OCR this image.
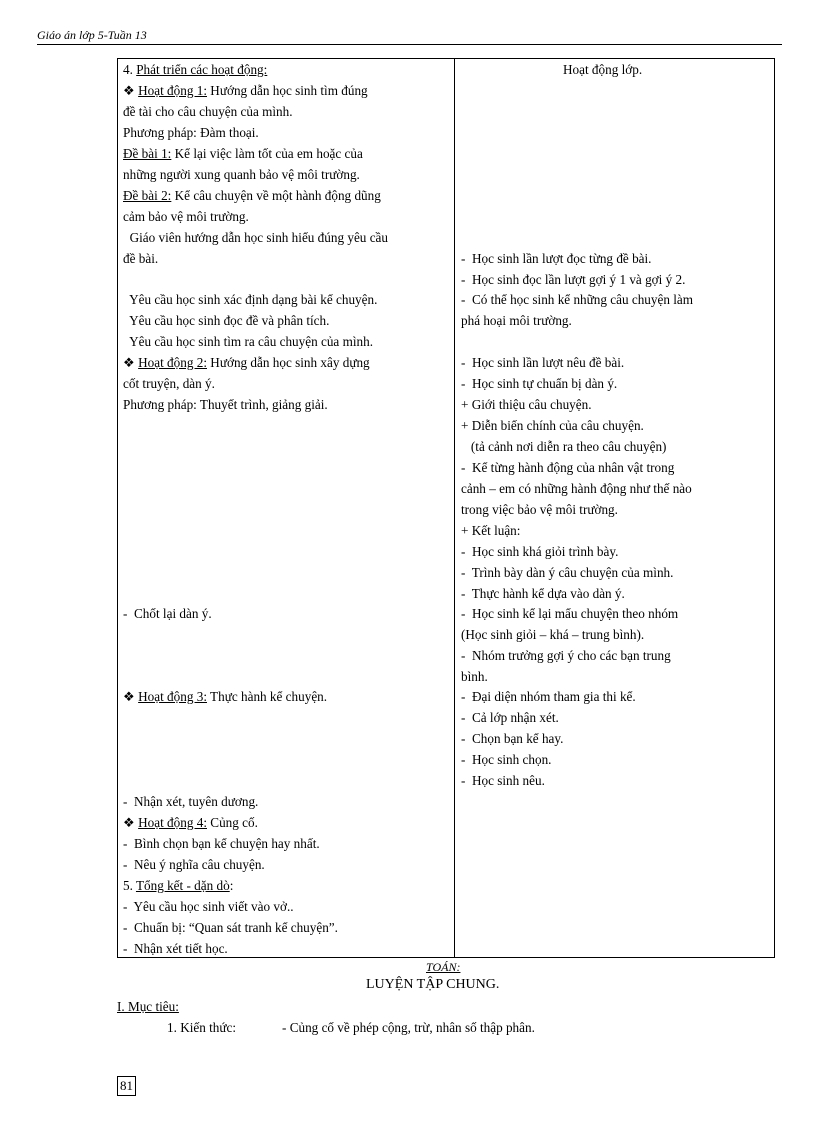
Giáo án lớp 5-Tuần 13
4. Phát triển các hoạt động:
❖ Hoạt động 1: Hướng dẫn học sinh tìm đúng
đề tài cho câu chuyện của mình.
Phương pháp: Đàm thoại.
Đề bài 1: Kể lại việc làm tốt của em hoặc của
những người xung quanh bảo vệ môi trường.
Đề bài 2: Kể câu chuyện về một hành động dũng
cảm bảo vệ môi trường.
Giáo viên hướng dẫn học sinh hiểu đúng yêu cầu
đề bài.
Yêu cầu học sinh xác định dạng bài kể chuyện.
Yêu cầu học sinh đọc đề và phân tích.
Yêu cầu học sinh tìm ra câu chuyện của mình.
❖ Hoạt động 2: Hướng dẫn học sinh xây dựng
cốt truyện, dàn ý.
Phương pháp: Thuyết trình, giảng giải.
-  Chốt lại dàn ý.
❖ Hoạt động 3: Thực hành kể chuyện.
-  Nhận xét, tuyên dương.
❖ Hoạt động 4: Củng cố.
-  Bình chọn bạn kể chuyện hay nhất.
-  Nêu ý nghĩa câu chuyện.
5. Tổng kết - dặn dò:
-  Yêu cầu học sinh viết vào vở..
-  Chuẩn bị: “Quan sát tranh kể chuyện”.
-  Nhận xét tiết học.
Hoạt động lớp.
-  Học sinh lần lượt đọc từng đề bài.
-  Học sinh đọc lần lượt gợi ý 1 và gợi ý 2.
-  Có thể học sinh kể những câu chuyện làm
phá hoại môi trường.
-  Học sinh lần lượt nêu đề bài.
-  Học sinh tự chuẩn bị dàn ý.
+ Giới thiệu câu chuyện.
+ Diễn biến chính của câu chuyện.
(tả cảnh nơi diễn ra theo câu chuyện)
-  Kể từng hành động của nhân vật trong
cảnh – em có những hành động như thế nào
trong việc bảo vệ môi trường.
+ Kết luận:
-  Học sinh khá giỏi trình bày.
-  Trình bày dàn ý câu chuyện của mình.
-  Thực hành kể dựa vào dàn ý.
-  Học sinh kể lại mẩu chuyện theo nhóm
(Học sinh giỏi – khá – trung bình).
-  Nhóm trưởng gợi ý cho các bạn trung
bình.
-  Đại diện nhóm tham gia thi kể.
-  Cả lớp nhận xét.
-  Chọn bạn kể hay.
-  Học sinh chọn.
-  Học sinh nêu.
TOÁN:
LUYỆN TẬP CHUNG.
I. Mục tiêu:
1. Kiến thức:	- Củng cố về phép cộng, trừ, nhân số thập phân.
81
